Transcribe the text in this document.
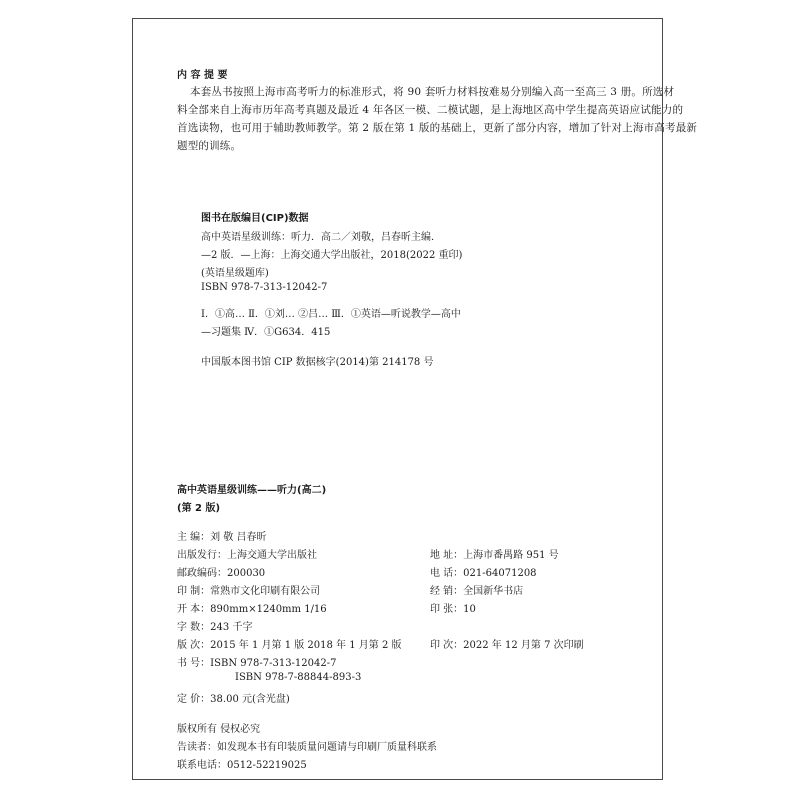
内 容 提 要
本套丛书按照上海市高考听力的标准形式，将 90 套听力材料按难易分别编入高一至高三 3 册。所选材
料全部来自上海市历年高考真题及最近 4 年各区一模、二模试题，是上海地区高中学生提高英语应试能力的
首选读物，也可用于辅助教师教学。第 2 版在第 1 版的基础上，更新了部分内容，增加了针对上海市高考最新
题型的训练。
图书在版编目(CIP)数据
高中英语星级训练：听力．高二／刘敬，吕春昕主编．
—2 版．—上海：上海交通大学出版社，2018(2022 重印)
(英语星级题库)
ISBN 978-7-313-12042-7
Ⅰ．①高… Ⅱ．①刘… ②吕… Ⅲ．①英语—听说教学—高中
—习题集 Ⅳ．①G634．415
中国版本图书馆 CIP 数据核字(2014)第 214178 号
高中英语星级训练——听力(高二)
(第 2 版)
主 编：刘 敬 吕春昕
出版发行：上海交通大学出版社
邮政编码：200030
印 制：常熟市文化印刷有限公司
开 本：890mm×1240mm 1/16
字 数：243 千字
版 次：2015 年 1 月第 1 版 2018 年 1 月第 2 版
书 号：ISBN 978-7-313-12042-7
ISBN 978-7-88844-893-3
定 价：38.00 元(含光盘)
地 址：上海市番禺路 951 号
电 话：021-64071208
经 销：全国新华书店
印 张：10
印 次：2022 年 12 月第 7 次印刷
版权所有 侵权必究
告读者：如发现本书有印装质量问题请与印刷厂质量科联系
联系电话：0512-52219025
